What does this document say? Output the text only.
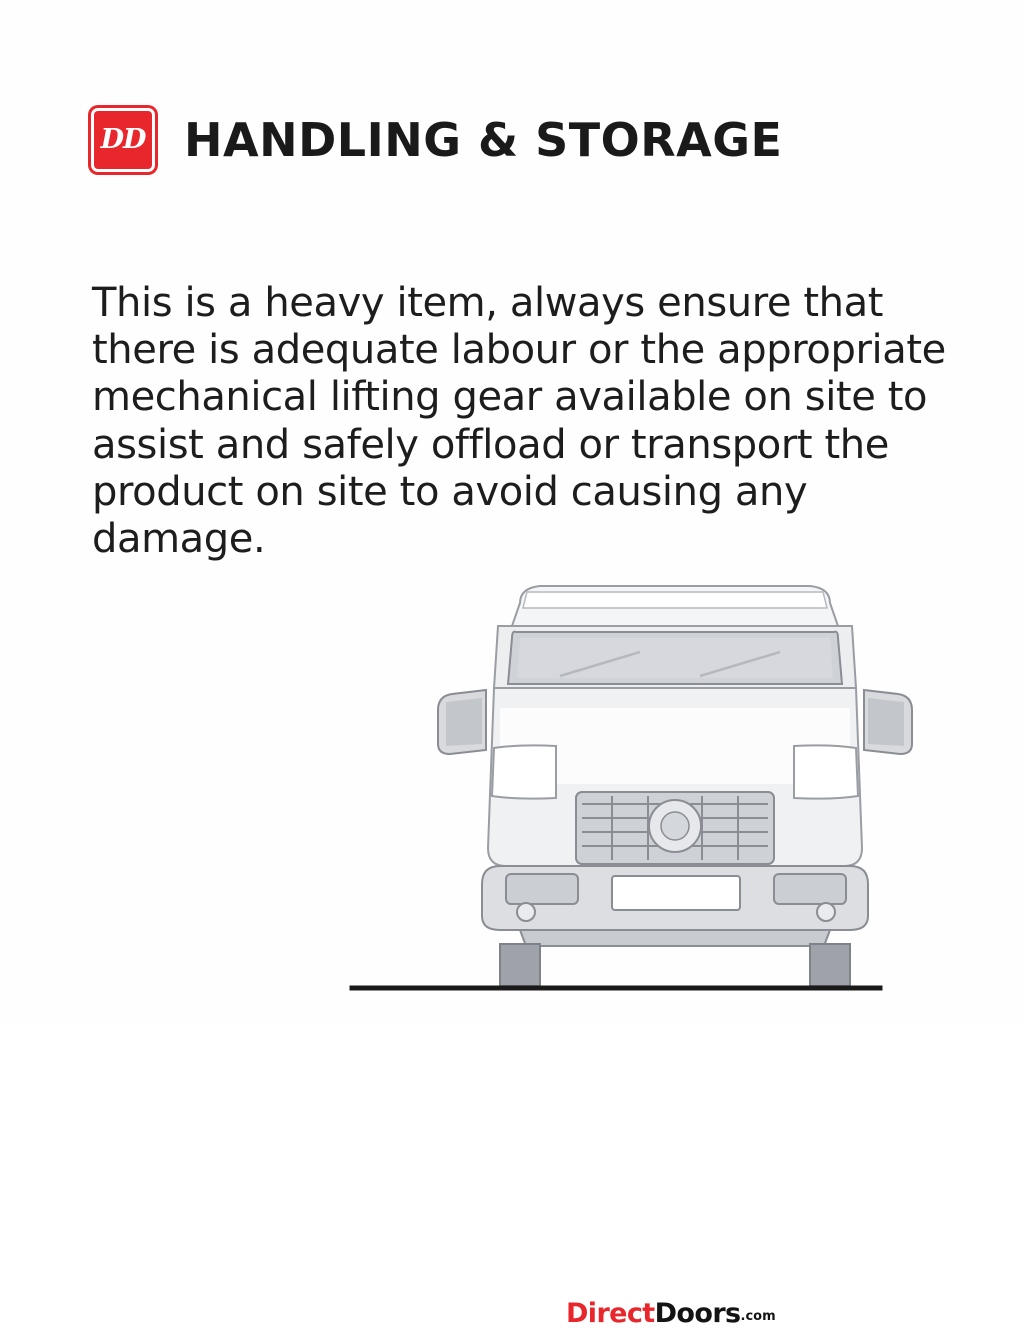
DD HANDLING & STORAGE

This is a heavy item, always ensure that there is adequate labour or the appropriate mechanical lifting gear available on site to assist and safely offload or transport the product on site to avoid causing any damage.

DirectDoors.com
